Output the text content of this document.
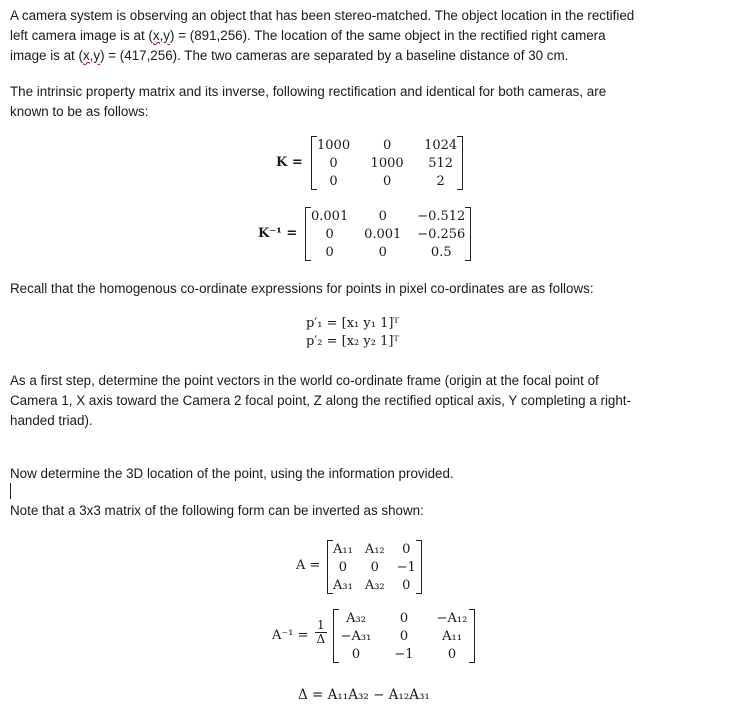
A camera system is observing an object that has been stereo-matched. The object location in the rectified
left camera image is at (x,y) = (891,256). The location of the same object in the rectified right camera
image is at (x,y) = (417,256). The two cameras are separated by a baseline distance of 30 cm.
The intrinsic property matrix and its inverse, following rectification and identical for both cameras, are
known to be as follows:
K =
1000	0	1024
0	1000	512
0	0	2
K⁻¹ =
0.001	0	−0.512
0	0.001	−0.256
0	0	0.5
Recall that the homogenous co-ordinate expressions for points in pixel co-ordinates are as follows:
p′₁ = [x₁ y₁ 1]ᵀ
p′₂ = [x₂ y₂ 1]ᵀ
As a first step, determine the point vectors in the world co-ordinate frame (origin at the focal point of
Camera 1, X axis toward the Camera 2 focal point, Z along the rectified optical axis, Y completing a right-
handed triad).
Now determine the 3D location of the point, using the information provided.
Note that a 3x3 matrix of the following form can be inverted as shown:
A =
A₁₁	A₁₂	0
0	0	−1
A₃₁	A₃₂	0
$A^{-1} = \frac{1}{\Delta}$
A₃₂	0	−A₁₂
−A₃₁	0	A₁₁
0	−1	0
Δ = A₁₁A₃₂ − A₁₂A₃₁
